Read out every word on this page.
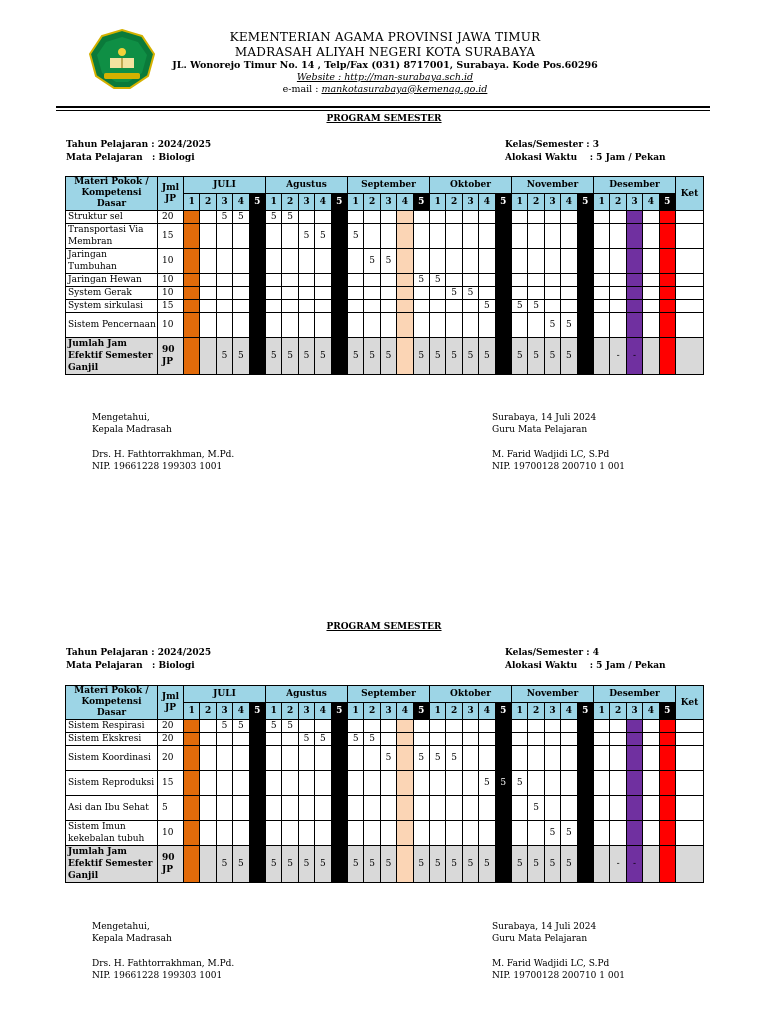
KEMENTERIAN AGAMA PROVINSI JAWA TIMUR
MADRASAH ALIYAH NEGERI KOTA SURABAYA
JL. Wonorejo Timur No. 14 , Telp/Fax (031) 8717001, Surabaya. Kode Pos.60296
Website : http://man-surabaya.sch.id
e-mail : mankotasurabaya@kemenag.go.id
PROGRAM SEMESTER
Tahun Pelajaran : 2024/2025
Mata Pelajaran   : Biologi
Kelas/Semester : 3
Alokasi Waktu    : 5 Jam / Pekan
Materi Pokok / Kompetensi Dasar	Jml JP	JULI					Agustus					September					Oktober					November					Desember					Ket
		1	2	3	4	5	1	2	3	4	5	1	2	3	4	5	1	2	3	4	5	1	2	3	4	5	1	2	3	4	5	
Struktur sel	20			5	5		5	5																								
Transportasi Via Membran	15								5	5		5																				
Jaringan Tumbuhan	10												5	5																		
Jaringan Hewan	10															5	5															
System Gerak	10																	5	5													
System sirkulasi	15																			5		5	5									
Sistem Pencernaan	10																							5	5							
Jumlah Jam Efektif Semester Ganjil	90 JP			5	5		5	5	5	5		5	5	5		5	5	5	5	5		5	5	5	5			-	-			
Mengetahui,
Kepala Madrasah
Drs. H. Fathtorrakhman, M.Pd.
NIP. 19661228 199303 1001
Surabaya, 14 Juli 2024
Guru Mata Pelajaran
M. Farid Wadjidi LC, S.Pd
NIP. 19700128 200710 1 001
PROGRAM SEMESTER
Tahun Pelajaran : 2024/2025
Mata Pelajaran   : Biologi
Kelas/Semester : 4
Alokasi Waktu    : 5 Jam / Pekan
Materi Pokok / Kompetensi Dasar	Jml JP	JULI					Agustus					September					Oktober					November					Desember					Ket
		1	2	3	4	5	1	2	3	4	5	1	2	3	4	5	1	2	3	4	5	1	2	3	4	5	1	2	3	4	5	
Sistem Respirasi	20			5	5		5	5																								
Sistem Ekskresi	20								5	5		5	5																			
Sistem Koordinasi	20													5		5	5	5														
Sistem Reproduksi	15																			5	5	5										
Asi dan Ibu Sehat	5																						5									
Sistem Imun kekebalan tubuh	10																							5	5							
Jumlah Jam Efektif Semester Ganjil	90 JP			5	5		5	5	5	5		5	5	5		5	5	5	5	5		5	5	5	5			-	-			
Mengetahui,
Kepala Madrasah
Drs. H. Fathtorrakhman, M.Pd.
NIP. 19661228 199303 1001
Surabaya, 14 Juli 2024
Guru Mata Pelajaran
M. Farid Wadjidi LC, S.Pd
NIP. 19700128 200710 1 001
